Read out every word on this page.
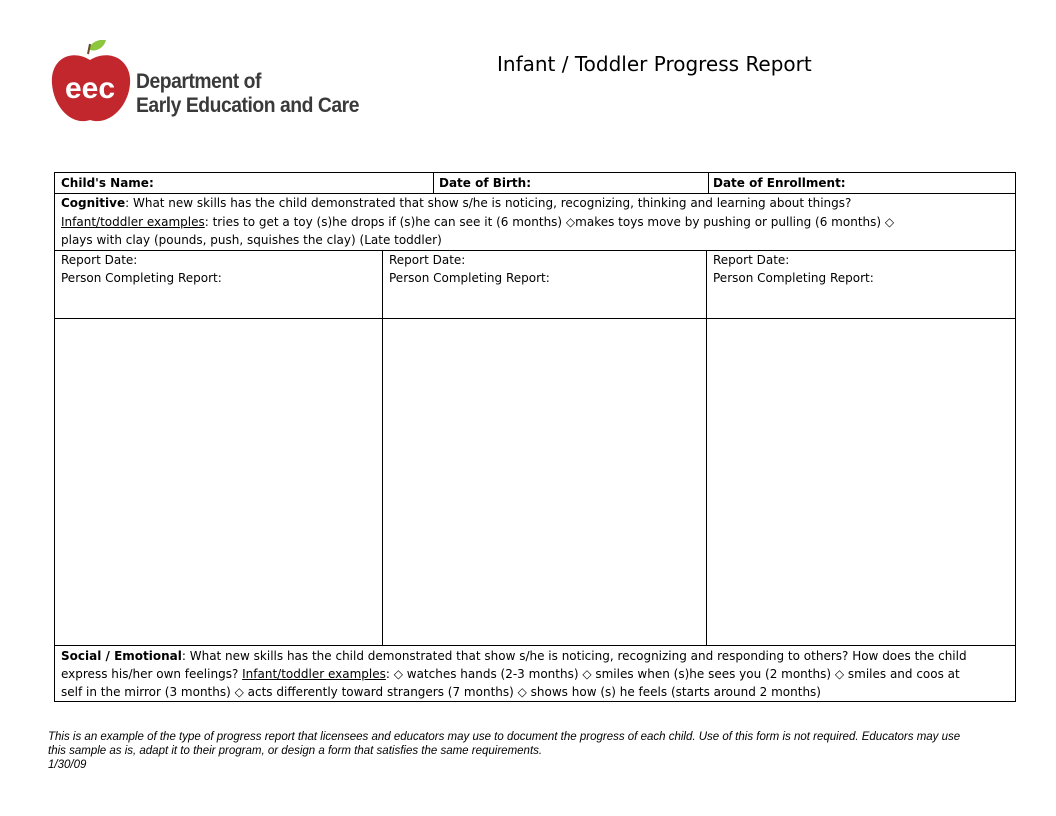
eec Department of
Early Education and Care
Infant / Toddler Progress Report
Child's Name:	Date of Birth:	Date of Enrollment:
Cognitive: What new skills has the child demonstrated that show s/he is noticing, recognizing, thinking and learning about things?
Infant/toddler examples: tries to get a toy (s)he drops if (s)he can see it (6 months) ◇makes toys move by pushing or pulling (6 months) ◇
plays with clay (pounds, push, squishes the clay) (Late toddler)
Report Date:
Person Completing Report:
Report Date:
Person Completing Report:
Report Date:
Person Completing Report:
Social / Emotional: What new skills has the child demonstrated that show s/he is noticing, recognizing and responding to others? How does the child
express his/her own feelings? Infant/toddler examples: ◇ watches hands (2-3 months) ◇ smiles when (s)he sees you (2 months) ◇ smiles and coos at
self in the mirror (3 months) ◇ acts differently toward strangers (7 months) ◇ shows how (s) he feels (starts around 2 months)
This is an example of the type of progress report that licensees and educators may use to document the progress of each child. Use of this form is not required. Educators may use
this sample as is, adapt it to their program, or design a form that satisfies the same requirements.
1/30/09
